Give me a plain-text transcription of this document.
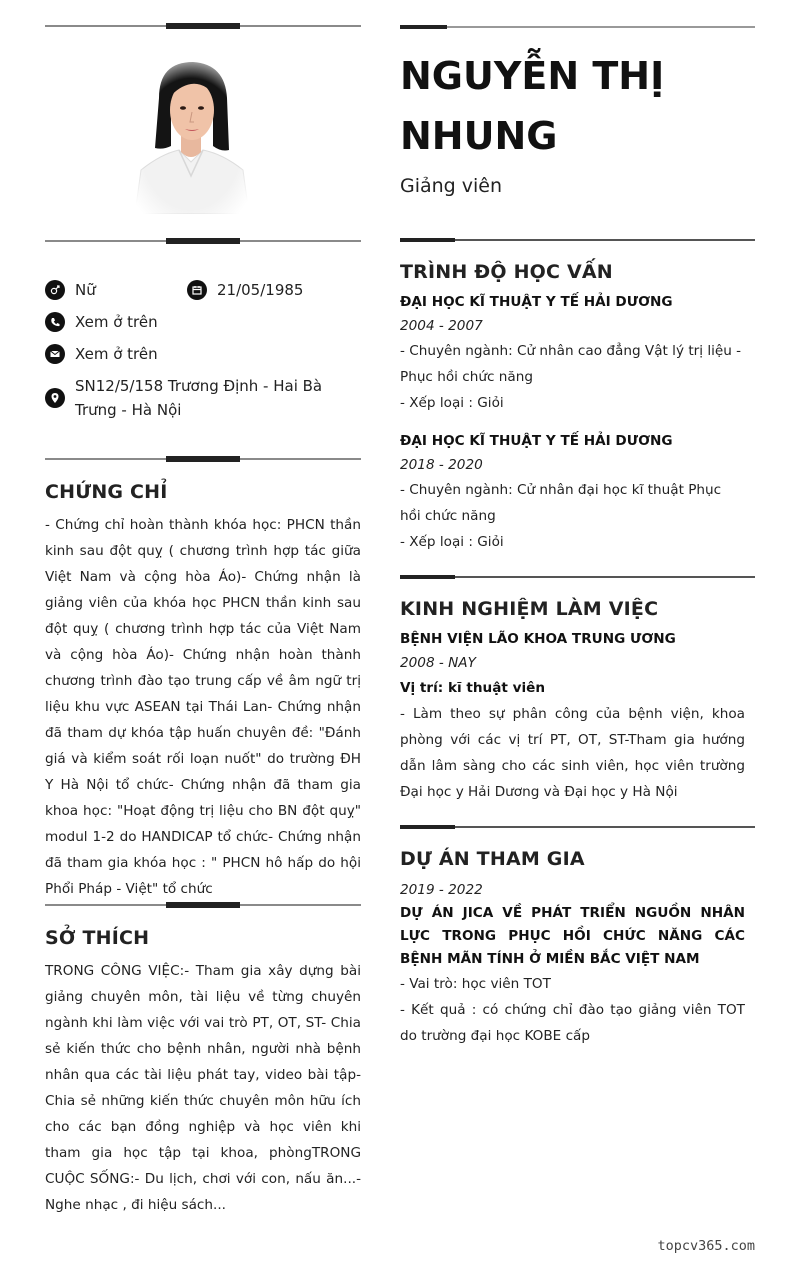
Nữ	21/05/1985
Xem ở trên
Xem ở trên
SN12/5/158 Trương Định - Hai Bà Trưng - Hà Nội
CHỨNG CHỈ

- Chứng chỉ hoàn thành khóa học: PHCN thần kinh sau đột quỵ ( chương trình hợp tác giữa Việt Nam và cộng hòa Áo)- Chứng nhận là giảng viên của khóa học PHCN thần kinh sau đột quỵ ( chương trình hợp tác của Việt Nam và cộng hòa Áo)- Chứng nhận hoàn thành chương trình đào tạo trung cấp về âm ngữ trị liệu khu vực ASEAN tại Thái Lan- Chứng nhận đã tham dự khóa tập huấn chuyên đề: "Đánh giá và kiểm soát rối loạn nuốt" do trường ĐH Y Hà Nội tổ chức- Chứng nhận đã tham gia khoa học: "Hoạt động trị liệu cho BN đột quỵ" modul 1-2 do HANDICAP tổ chức- Chứng nhận đã tham gia khóa học : " PHCN hô hấp do hội Phổi Pháp - Việt" tổ chức

SỞ THÍCH

TRONG CÔNG VIỆC:- Tham gia xây dựng bài giảng chuyên môn, tài liệu về từng chuyên ngành khi làm việc với vai trò PT, OT, ST- Chia sẻ kiến thức cho bệnh nhân, người nhà bệnh nhân qua các tài liệu phát tay, video bài tập- Chia sẻ những kiến thức chuyên môn hữu ích cho các bạn đồng nghiệp và học viên khi tham gia học tập tại khoa, phòngTRONG CUỘC SỐNG:- Du lịch, chơi với con, nấu ăn...- Nghe nhạc , đi hiệu sách...

NGUYỄN THỊ
NHUNG
Giảng viên
TRÌNH ĐỘ HỌC VẤN
ĐẠI HỌC KĨ THUẬT Y TẾ HẢI DƯƠNG
2004 - 2007

- Chuyên ngành: Cử nhân cao đẳng Vật lý trị liệu - Phục hồi chức năng

- Xếp loại : Giỏi

ĐẠI HỌC KĨ THUẬT Y TẾ HẢI DƯƠNG
2018 - 2020

- Chuyên ngành: Cử nhân đại học kĩ thuật Phục hồi chức năng

- Xếp loại : Giỏi

KINH NGHIỆM LÀM VIỆC
BỆNH VIỆN LÃO KHOA TRUNG ƯƠNG
2008 - NAY
Vị trí: kĩ thuật viên

- Làm theo sự phân công của bệnh viện, khoa phòng với các vị trí PT, OT, ST-Tham gia hướng dẫn lâm sàng cho các sinh viên, học viên trường Đại học y Hải Dương và Đại học y Hà Nội

DỰ ÁN THAM GIA
2019 - 2022
DỰ ÁN JICA VỀ PHÁT TRIỂN NGUỒN NHÂN LỰC TRONG PHỤC HỒI CHỨC NĂNG CÁC BỆNH MÃN TÍNH Ở MIỀN BẮC VIỆT NAM

- Vai trò: học viên TOT

- Kết quả : có chứng chỉ đào tạo giảng viên TOT do trường đại học KOBE cấp

topcv365.com
